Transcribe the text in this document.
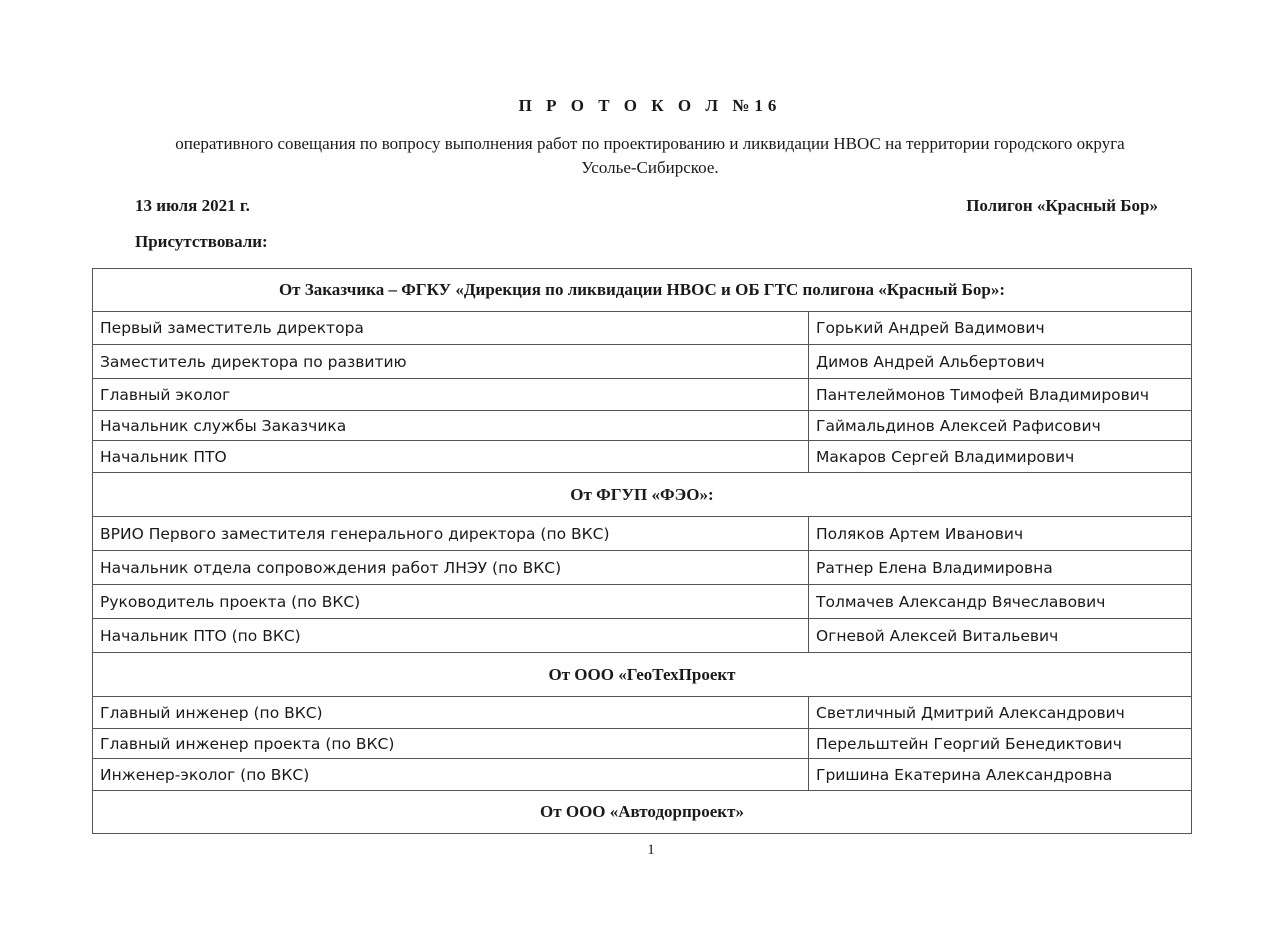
П Р О Т О К О Л №16
оперативного совещания по вопросу выполнения работ по проектированию и ликвидации НВОС на территории городского округа Усолье-Сибирское.
13 июля 2021 г.	Полигон «Красный Бор»
Присутствовали:
От Заказчика – ФГКУ «Дирекция по ликвидации НВОС и ОБ ГТС полигона «Красный Бор»:	
Первый заместитель директора	Горький Андрей Вадимович
Заместитель директора по развитию	Димов Андрей Альбертович
Главный эколог	Пантелеймонов Тимофей Владимирович
Начальник службы Заказчика	Гаймальдинов Алексей Рафисович
Начальник ПТО	Макаров Сергей Владимирович
От ФГУП «ФЭО»:	
ВРИО Первого заместителя генерального директора (по ВКС)	Поляков Артем Иванович
Начальник отдела сопровождения работ ЛНЭУ (по ВКС)	Ратнер Елена Владимировна
Руководитель проекта (по ВКС)	Толмачев Александр Вячеславович
Начальник ПТО (по ВКС)	Огневой Алексей Витальевич
От ООО «ГеоТехПроект	
Главный инженер (по ВКС)	Светличный Дмитрий Александрович
Главный инженер проекта (по ВКС)	Перельштейн Георгий Бенедиктович
Инженер-эколог (по ВКС)	Гришина Екатерина Александровна
От ООО «Автодорпроект»	
1
